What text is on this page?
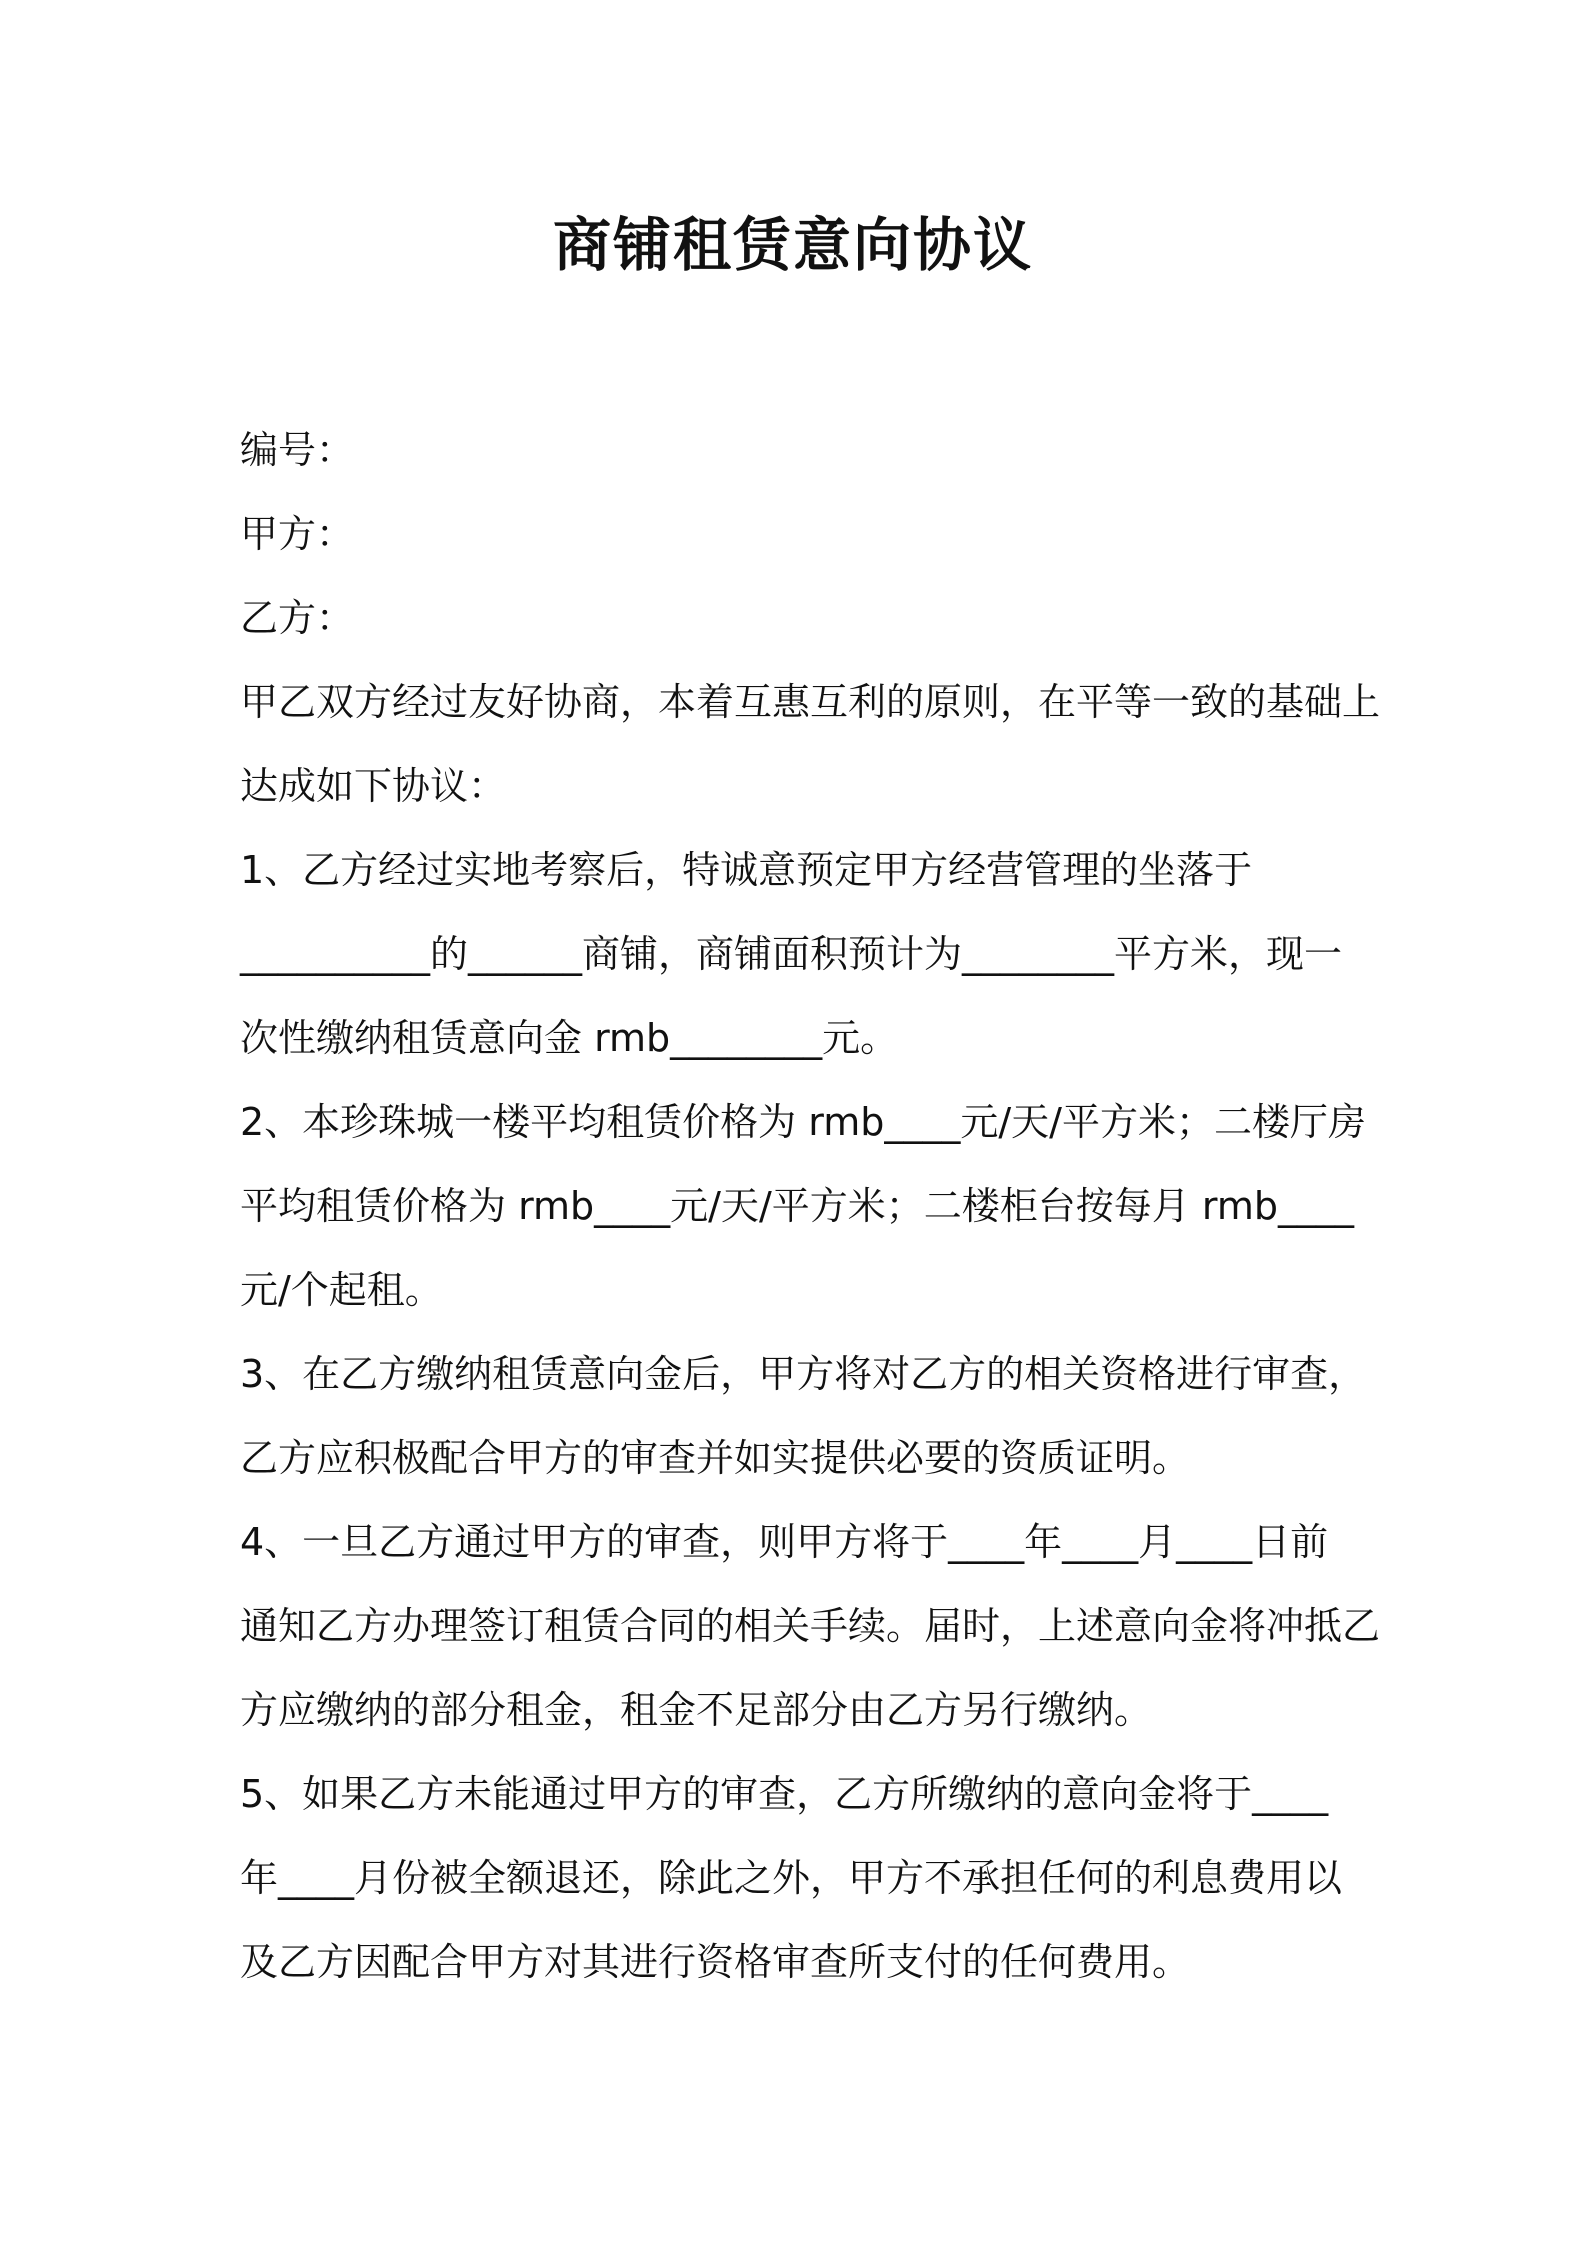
商铺租赁意向协议
编号：
甲方：
乙方：
甲乙双方经过友好协商，本着互惠互利的原则，在平等一致的基础上
达成如下协议：
1、乙方经过实地考察后，特诚意预定甲方经营管理的坐落于
__________的______商铺，商铺面积预计为________平方米，现一
次性缴纳租赁意向金 rmb________元。
2、本珍珠城一楼平均租赁价格为 rmb____元/天/平方米；二楼厅房
平均租赁价格为 rmb____元/天/平方米；二楼柜台按每月 rmb____
元/个起租。
3、在乙方缴纳租赁意向金后，甲方将对乙方的相关资格进行审查，
乙方应积极配合甲方的审查并如实提供必要的资质证明。
4、一旦乙方通过甲方的审查，则甲方将于____年____月____日前
通知乙方办理签订租赁合同的相关手续。届时，上述意向金将冲抵乙
方应缴纳的部分租金，租金不足部分由乙方另行缴纳。
5、如果乙方未能通过甲方的审查，乙方所缴纳的意向金将于____
年____月份被全额退还，除此之外，甲方不承担任何的利息费用以
及乙方因配合甲方对其进行资格审查所支付的任何费用。
